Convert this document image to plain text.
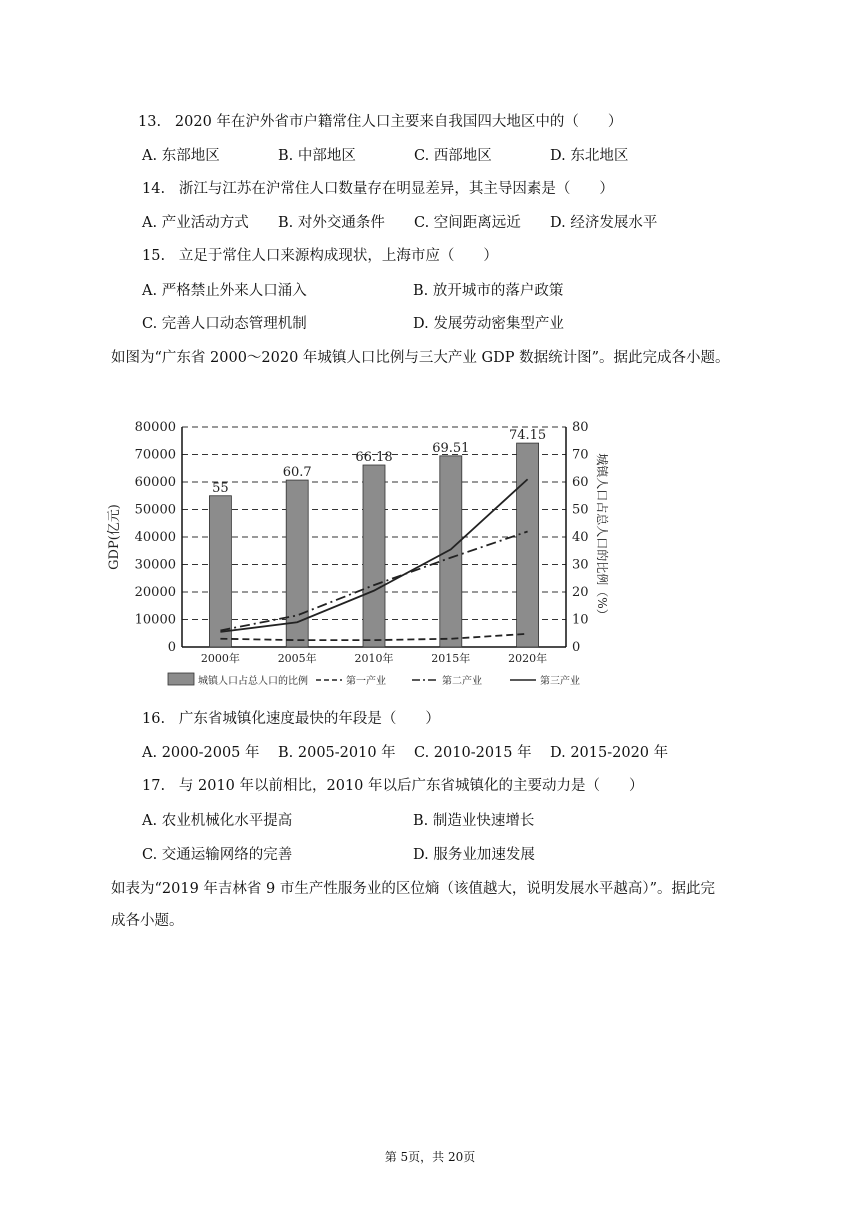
13. 2020 年在沪外省市户籍常住人口主要来自我国四大地区中的（　　）
A. 东部地区	B. 中部地区	C. 西部地区	D. 东北地区
14. 浙江与江苏在沪常住人口数量存在明显差异，其主导因素是（　　）
A. 产业活动方式 B. 对外交通条件 C. 空间距离远近 D. 经济发展水平
15. 立足于常住人口来源构成现状，上海市应（　　）
A. 严格禁止外来人口涌入	B. 放开城市的落户政策
C. 完善人口动态管理机制	D. 发展劳动密集型产业
如图为“广东省 2000～2020 年城镇人口比例与三大产业 GDP 数据统计图”。据此完成各小题。
0
10000
20000
30000
40000
50000
60000
70000
80000
0
10
20
30
40
50
60
70
80
55
60.7
66.18
69.51
74.15
2000年	2005年	2010年	2015年	2020年
GDP(亿元)	城镇人口占总人口的比例（%）
城镇人口占总人口的比例	第一产业	第二产业	第三产业
16. 广东省城镇化速度最快的年段是（　　）
A. 2000-2005 年 B. 2005-2010 年 C. 2010-2015 年 D. 2015-2020 年
17. 与 2010 年以前相比，2010 年以后广东省城镇化的主要动力是（　　）
A. 农业机械化水平提高	B. 制造业快速增长
C. 交通运输网络的完善	D. 服务业加速发展
如表为“2019 年吉林省 9 市生产性服务业的区位熵（该值越大，说明发展水平越高）”。据此完
成各小题。
第 5页，共 20页
